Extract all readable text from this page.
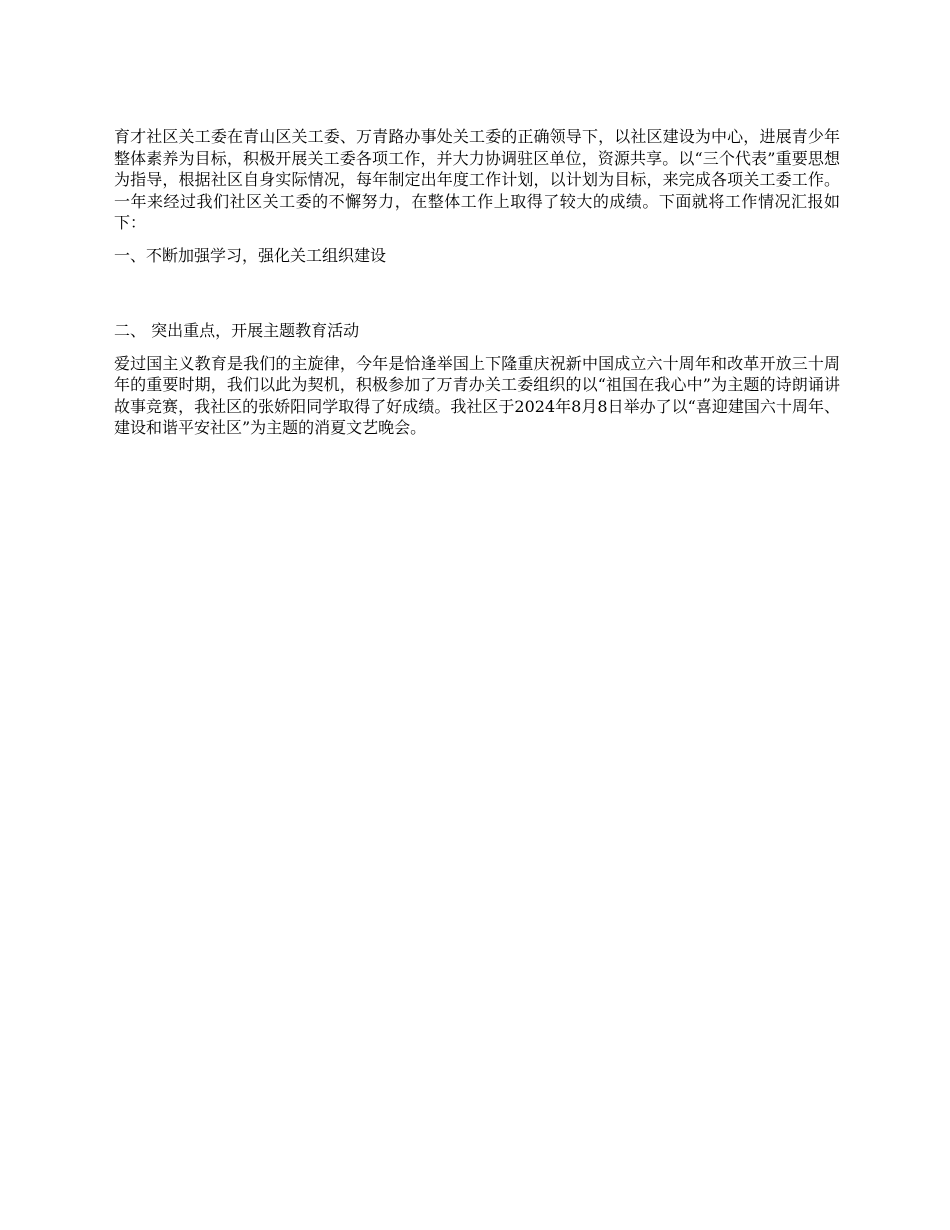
育才社区关工委在青山区关工委、万青路办事处关工委的正确领导下，以社区建设为中心，进展青少年整体素养为目标，积极开展关工委各项工作，并大力协调驻区单位，资源共享。以“三个代表”重要思想为指导，根据社区自身实际情况，每年制定出年度工作计划，以计划为目标，来完成各项关工委工作。一年来经过我们社区关工委的不懈努力，在整体工作上取得了较大的成绩。下面就将工作情况汇报如下：

一、不断加强学习，强化关工组织建设

二、 突出重点，开展主题教育活动

爱过国主义教育是我们的主旋律，今年是恰逢举国上下隆重庆祝新中国成立六十周年和改革开放三十周年的重要时期，我们以此为契机，积极参加了万青办关工委组织的以“祖国在我心中”为主题的诗朗诵讲故事竞赛，我社区的张娇阳同学取得了好成绩。我社区于2024年8月8日举办了以“喜迎建国六十周年、建设和谐平安社区”为主题的消夏文艺晚会。
